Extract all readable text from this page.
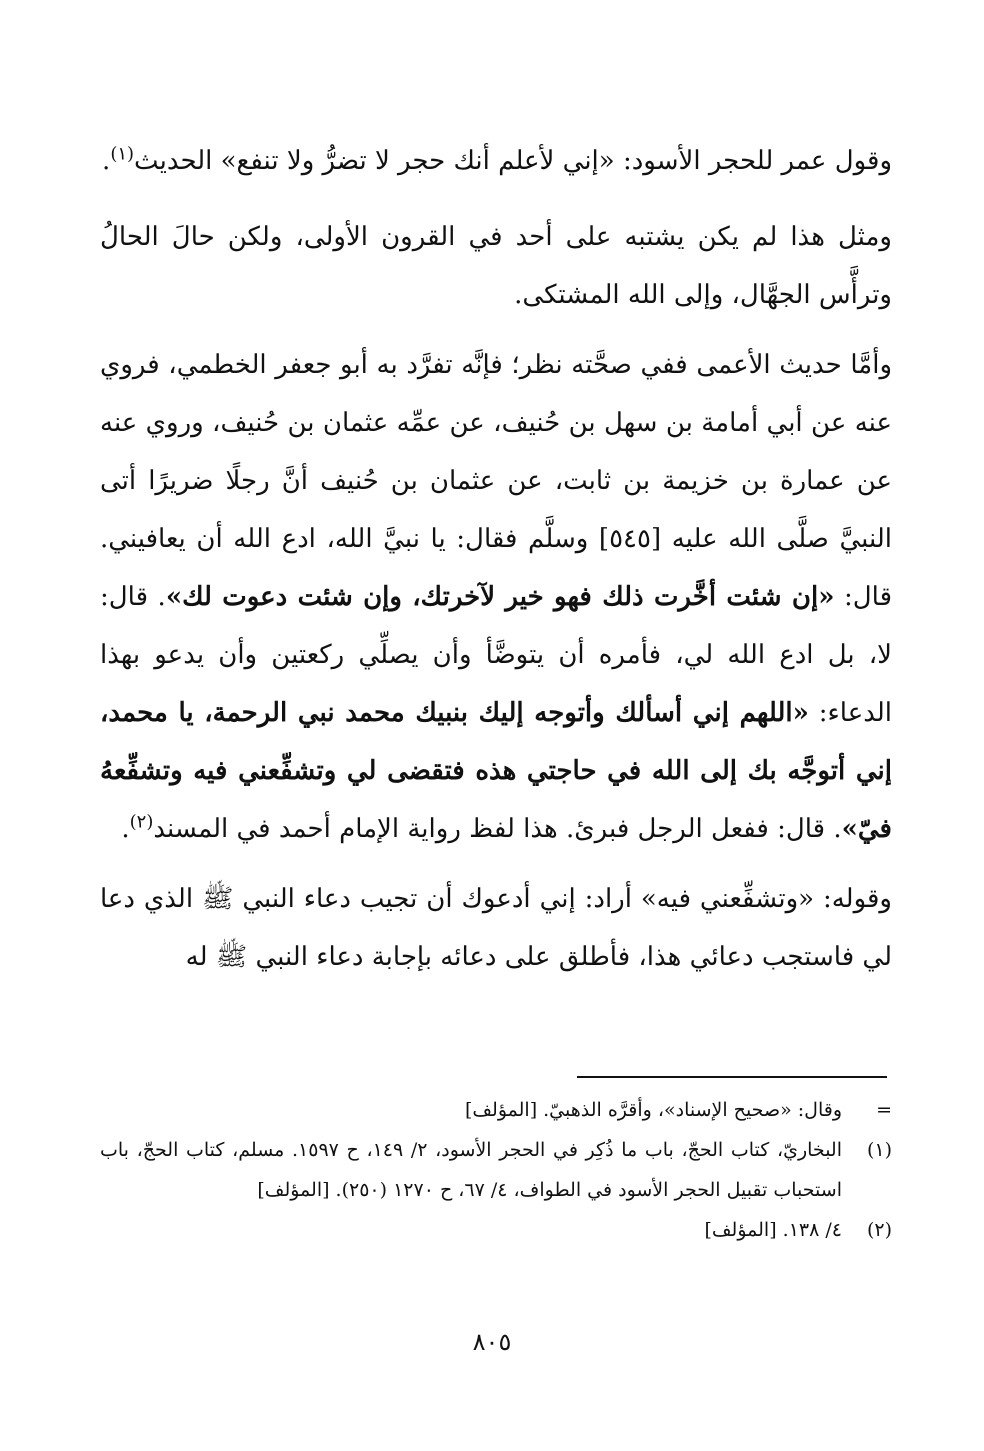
وقول عمر للحجر الأسود: «إني لأعلم أنك حجر لا تضرُّ ولا تنفع» الحديث$^{(١)}$.

ومثل هذا لم يكن يشتبه على أحد في القرون الأولى، ولكن حالَ الحالُ وترأَّس الجهَّال، وإلى الله المشتكى.

وأمَّا حديث الأعمى ففي صحَّته نظر؛ فإنَّه تفرَّد به أبو جعفر الخطمي، فروي عنه عن أبي أمامة بن سهل بن حُنيف، عن عمِّه عثمان بن حُنيف، وروي عنه عن عمارة بن خزيمة بن ثابت، عن عثمان بن حُنيف أنَّ رجلًا ضريرًا أتى النبيَّ صلَّى الله عليه [٥٤٥] وسلَّم فقال: يا نبيَّ الله، ادع الله أن يعافيني. قال: «إن شئت أخَّرت ذلك فهو خير لآخرتك، وإن شئت دعوت لك». قال: لا، بل ادع الله لي، فأمره أن يتوضَّأ وأن يصلِّي ركعتين وأن يدعو بهذا الدعاء: «اللهم إني أسألك وأتوجه إليك بنبيك محمد نبي الرحمة، يا محمد، إني أتوجَّه بك إلى الله في حاجتي هذه فتقضى لي وتشفِّعني فيه وتشفِّعهُ فيّ». قال: ففعل الرجل فبرئ. هذا لفظ رواية الإمام أحمد في المسند$^{(٢)}$.

وقوله: «وتشفِّعني فيه» أراد: إني أدعوك أن تجيب دعاء النبي ﷺ الذي دعا لي فاستجب دعائي هذا، فأطلق على دعائه بإجابة دعاء النبي ﷺ له

=
وقال: «صحيح الإسناد»، وأقرَّه الذهبيّ. [المؤلف]
(١)
البخاريّ، كتاب الحجّ، باب ما ذُكِر في الحجر الأسود، ٢/ ١٤٩، ح ١٥٩٧. مسلم، كتاب الحجّ، باب استحباب تقبيل الحجر الأسود في الطواف، ٤/ ٦٧، ح ١٢٧٠ (٢٥٠). [المؤلف]
(٢)
٤/ ١٣٨. [المؤلف]
٨٠٥
